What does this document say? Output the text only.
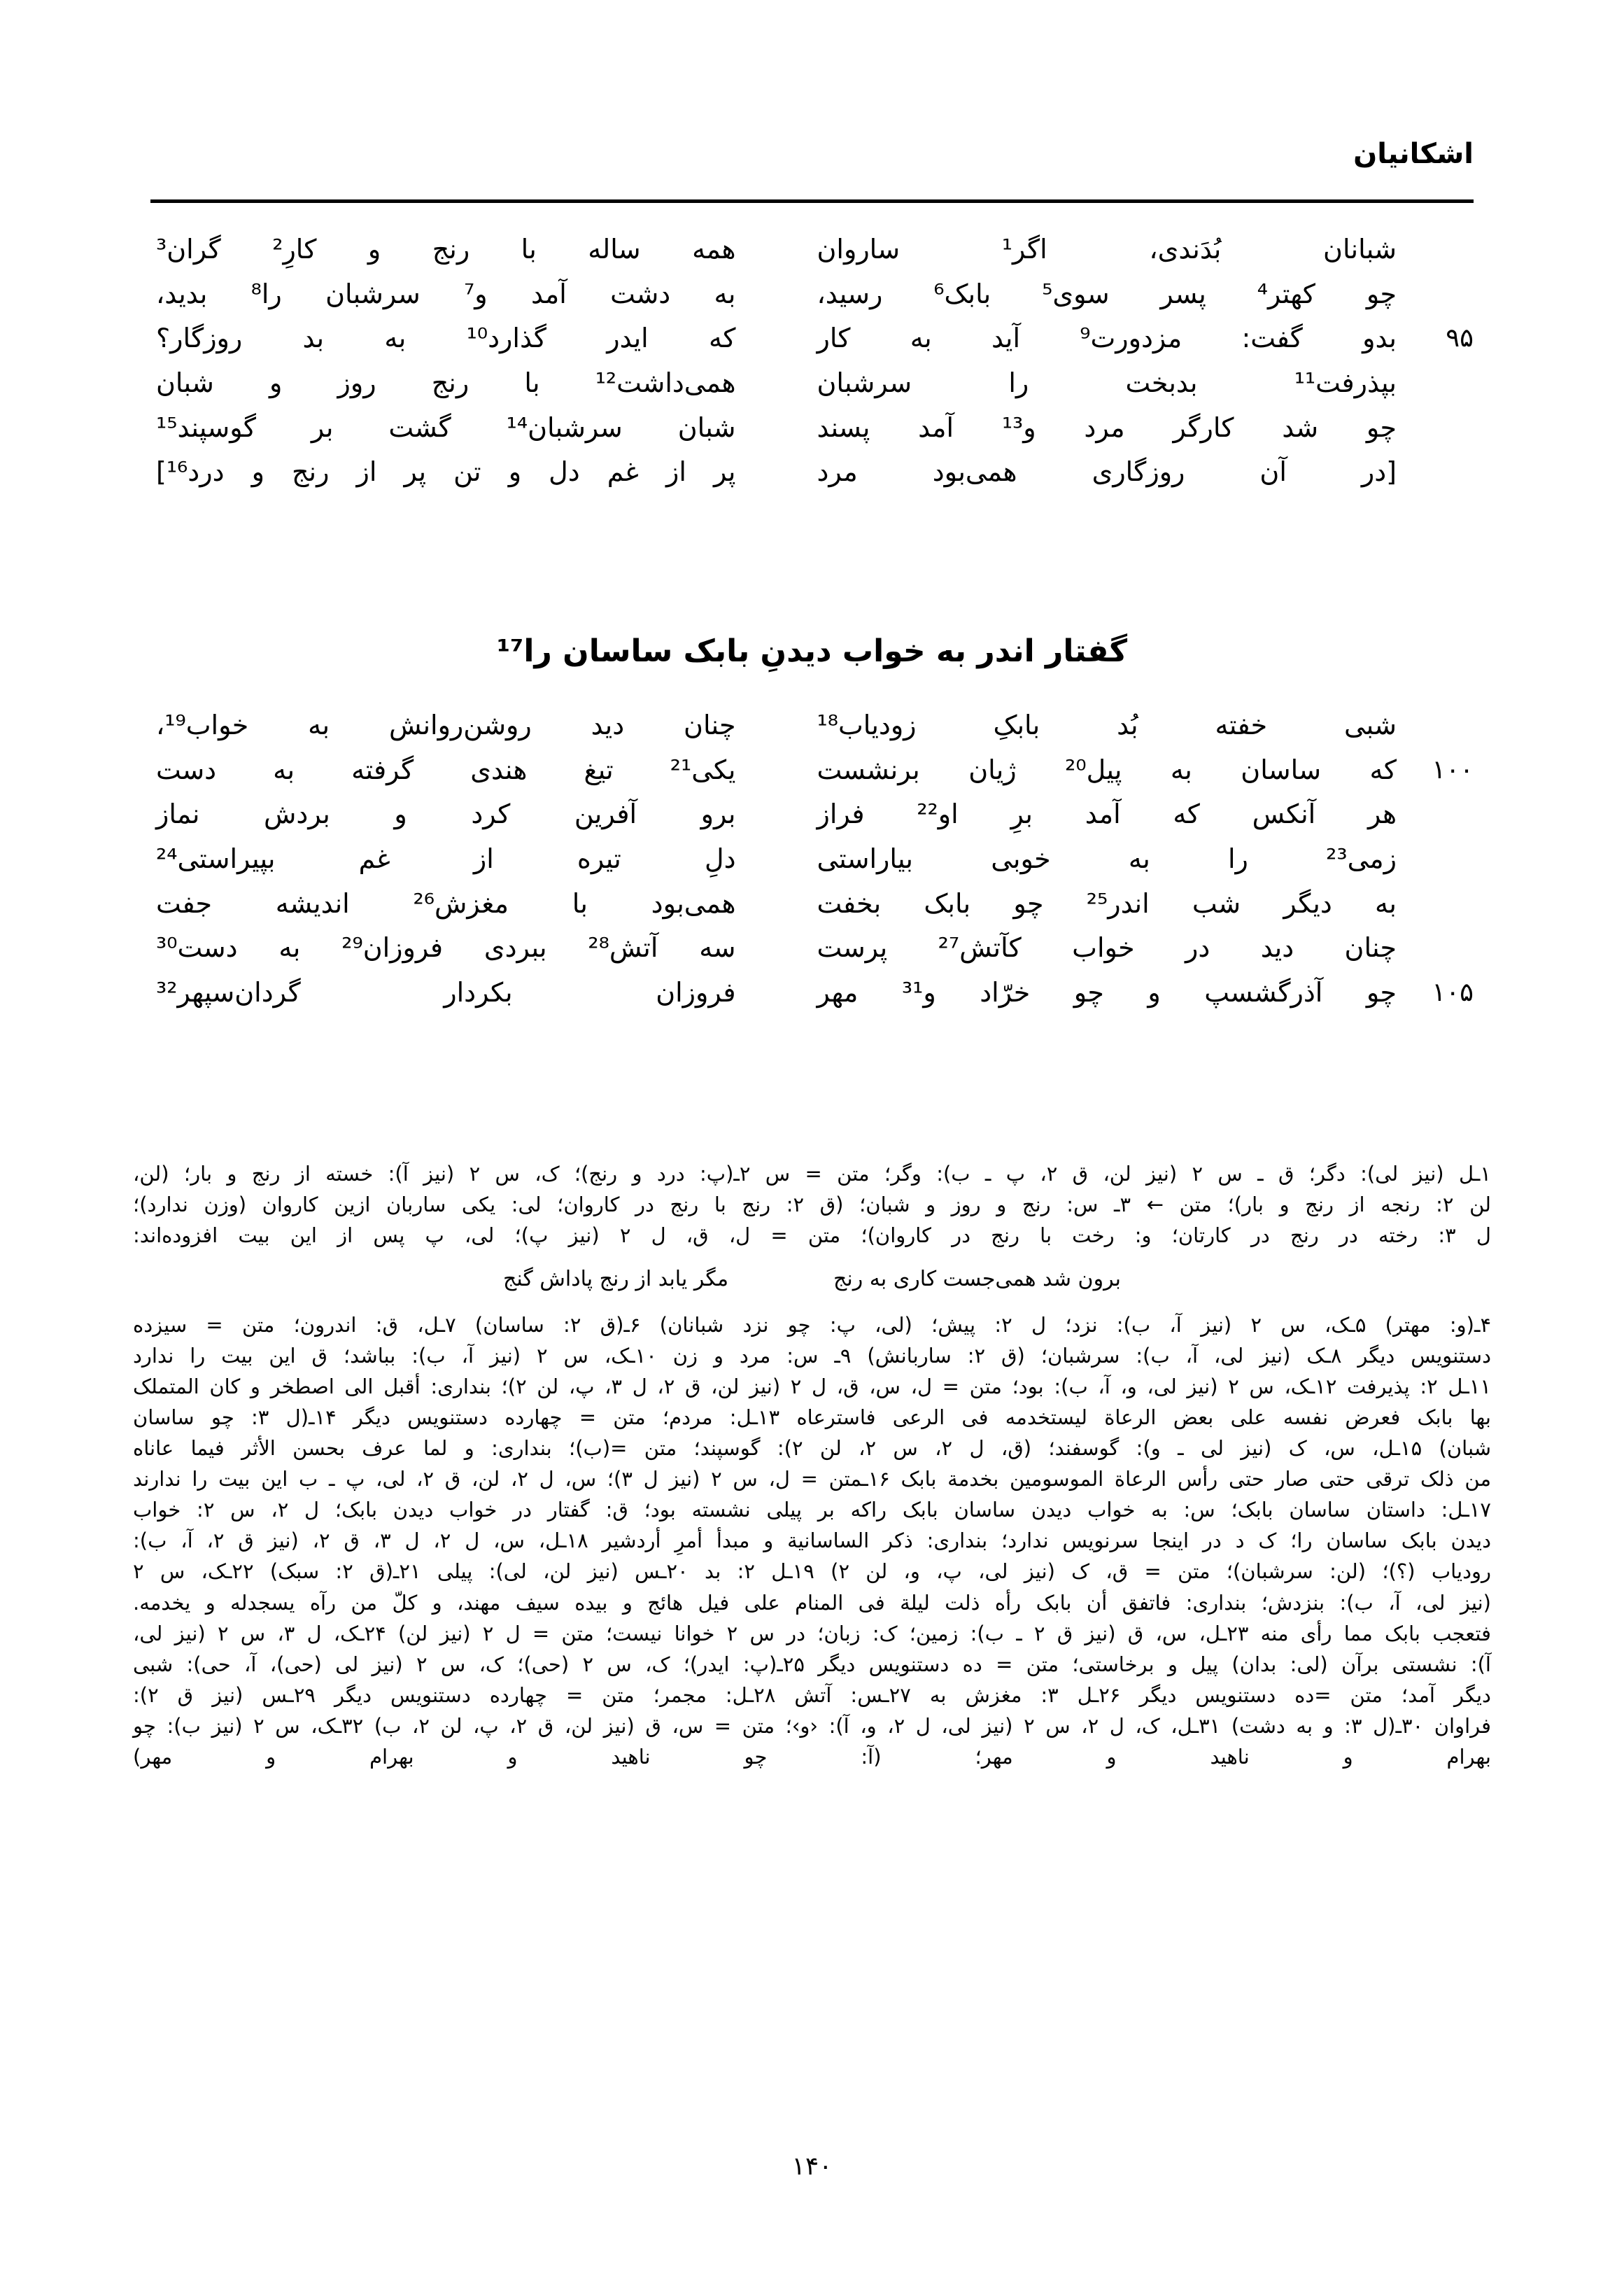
اشکانیان
شبانان بُدَندی، اگر¹ ساروان
همه ساله با رنج و کارِ² گران³
چو کهتر⁴ پسر سوی⁵ بابک⁶ رسید،
به دشت آمد و⁷ سرشبان را⁸ بدید،
۹۵
بدو گفت: مزدورت⁹ آید به کار
که ایدر گذارد¹⁰ به بد روزگار؟
بپذرفت¹¹ بدبخت را سرشبان
همی‌داشت¹² با رنج روز و شبان
چو شد کارگر مرد و¹³ آمد پسند
شبان سرشبان¹⁴ گشت بر گوسپند¹⁵
[در آن روزگاری همی‌بود مرد
پر از غم دل و تن پر از رنج و درد¹⁶]
گفتار اندر به خواب دیدنِ بابک ساسان را¹⁷
شبی خفته بُد بابکِ زودیاب¹⁸
چنان دید روشن‌روانش به خواب¹⁹،
۱۰۰
که ساسان به پیل²⁰ ژیان برنشست
یکی²¹ تیغ هندی گرفته به دست
هر آنکس که آمد برِ او²² فراز
برو آفرین کرد و بردش نماز
زمی²³ را به خوبی بیاراستی
دلِ تیره از غم بپیراستی²⁴
به دیگر شب اندر²⁵ چو بابک بخفت
همی‌بود با مغزش²⁶ اندیشه جفت
چنان دید در خواب کآتش²⁷ پرست
سه آتش²⁸ ببردی فروزان²⁹ به دست³⁰
۱۰۵
چو آذرگشسپ و چو خرّاد و³¹ مهر
فروزان بکردار گردان‌سپهر³²
۱ـل (نیز لی): دگر؛ ق ـ س ۲ (نیز لن، ق ۲، پ ـ ب): وگر؛ متن = س ۲ـ(پ: درد و رنج)؛ ک، س ۲ (نیز آ): خسته از رنج و بار؛ (لن،
لن ۲: رنجه از رنج و بار)؛ متن ← ۳ـ س: رنج و روز و شبان؛ (ق ۲: رنج با رنج در کاروان؛ لی: یکی ساربان ازین کاروان (وزن ندارد)؛
ل ۳: رخته در رنج در کارتان؛ و: رخت با رنج در کاروان)؛ متن = ل، ق، ل ۲ (نیز پ)؛ لی، پ پس از این بیت افزوده‌اند:
برون شد همی‌جست کاری به رنج
مگر یابد از رنج پاداش گنج
۴ـ(و: مهتر) ۵ـک، س ۲ (نیز آ، ب): نزد؛ ل ۲: پیش؛ (لی، پ: چو نزد شبانان) ۶ـ(ق ۲: ساسان) ۷ـل، ق: اندرون؛ متن = سیزده
دستنویس دیگر ۸ـک (نیز لی، آ، ب): سرشبان؛ (ق ۲: ساربانش) ۹ـ س: مرد و زن ۱۰ـک، س ۲ (نیز آ، ب): بباشد؛ ق این بیت را ندارد
۱۱ـل ۲: پذیرفت ۱۲ـک، س ۲ (نیز لی، و، آ، ب): بود؛ متن = ل، س، ق، ل ۲ (نیز لن، ق ۲، ل ۳، پ، لن ۲)؛ بنداری: أقبل الی اصطخر و کان المتملک
بها بابک فعرض نفسه علی بعض الرعاة لیستخدمه فی الرعی فاسترعاه ۱۳ـل: مردم؛ متن = چهارده دستنویس دیگر ۱۴ـ(ل ۳: چو ساسان
شبان) ۱۵ـل، س، ک (نیز لی ـ و): گوسفند؛ (ق، ل ۲، س ۲، لن ۲): گوسپند؛ متن =(ب)؛ بنداری: و لما عرف بحسن الأثر فیما عاناه
من ذلک ترقی حتی صار حتی رأس الرعاة الموسومین بخدمة بابک ۱۶ـمتن = ل، س ۲ (نیز ل ۳)؛ س، ل ۲، لن، ق ۲، لی، پ ـ ب این بیت را ندارند
۱۷ـل: داستان ساسان بابک؛ س: به خواب دیدن ساسان بابک راکه بر پیلی نشسته بود؛ ق: گفتار در خواب دیدن بابک؛ ل ۲، س ۲: خواب
دیدن بابک ساسان را؛ ک د در اینجا سرنویس ندارد؛ بنداری: ذکر الساسانیة و مبدأ أمرِ أردشیر ۱۸ـل، س، ل ۲، ل ۳، ق ۲، (نیز ق ۲، آ، ب):
رودیاب (؟)؛ (لن: سرشبان)؛ متن = ق، ک (نیز لی، پ، و، لن ۲) ۱۹ـل ۲: بد ۲۰ـس (نیز لن، لی): پیلی ۲۱ـ(ق ۲: سبک) ۲۲ـک، س ۲
(نیز لی، آ، ب): بنزدش؛ بنداری: فاتفق أن بابک رأه ذلت لیلة فی المنام علی فیل هائج و بیده سیف مهند، و کلّ من رآه یسجدله و یخدمه.
فتعجب بابک مما رأی منه ۲۳ـل، س، ق (نیز ق ۲ ـ ب): زمین؛ ک: زبان؛ در س ۲ خوانا نیست؛ متن = ل ۲ (نیز لن) ۲۴ـک، ل ۳، س ۲ (نیز لی،
آ): نشستی برآن (لی: بدان) پیل و برخاستی؛ متن = ده دستنویس دیگر ۲۵ـ(پ: ایدر)؛ ک، س ۲ (حی)؛ ک، س ۲ (نیز لی (حی)، آ، حی): شبی
دیگر آمد؛ متن =ده دستنویس دیگر ۲۶ـل ۳: مغزش به ۲۷ـس: آتش ۲۸ـل: مجمر؛ متن = چهارده دستنویس دیگر ۲۹ـس (نیز ق ۲):
فراوان ۳۰ـ(ل ۳: و به دشت) ۳۱ـل، ک، ل ۲، س ۲ (نیز لی، ل ۲، و، آ): ‹و›؛ متن = س، ق (نیز لن، ق ۲، پ، لن ۲، ب) ۳۲ـک، س ۲ (نیز ب): چو
بهرام و ناهید و مهر؛ (آ: چو ناهید و بهرام و مهر)
۱۴۰
